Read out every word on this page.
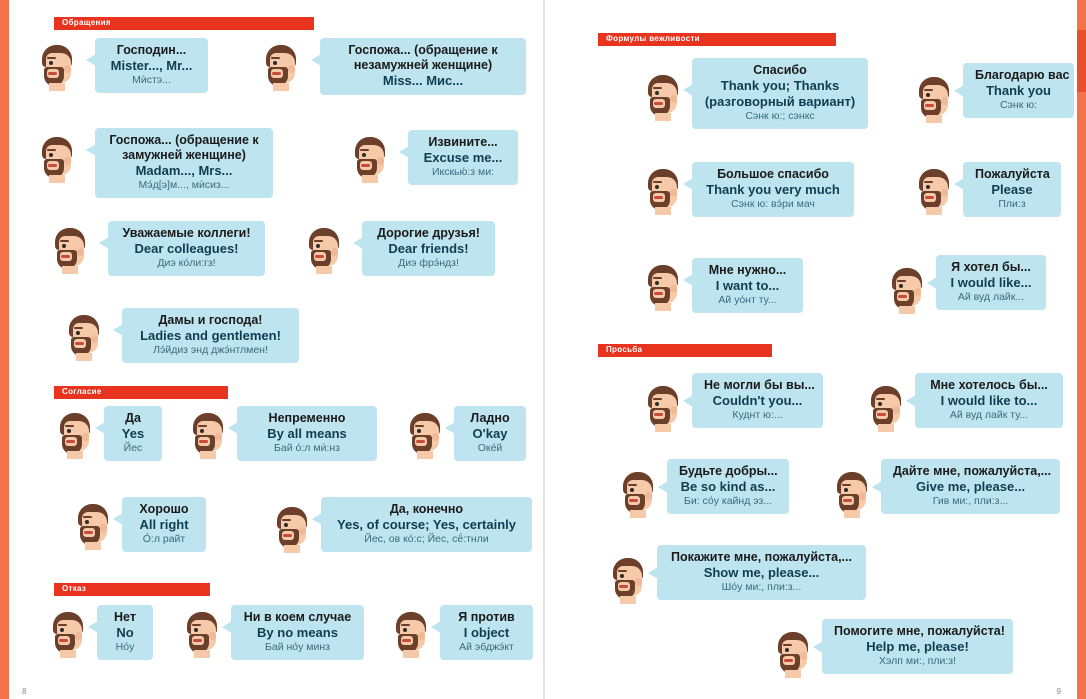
Обращения
Господин...
Mister..., Mr...
Мѝстэ...
Госпожа... (обращение к незамужней женщине)
Miss... Мис...
Госпожа... (обращение к замужней женщине)
Madam..., Mrs...
Мэ́д[э]м..., мѝсиз...
Извините...
Excuse me...
Икскью́:з ми:
Уважаемые коллеги!
Dear colleagues!
Диэ ко́ли:гз!
Дорогие друзья!
Dear friends!
Диэ фрэ́ндз!
Дамы и господа!
Ladies and gentlemen!
Лэ́йдиз энд джэ́нтлмен!
Согласие
Да
Yes
Йес
Непременно
By all means
Бай о́:л ми́:нз
Ладно
O'kay
Оке́й
Хорошо
All right
О́:л райт
Да, конечно
Yes, of course; Yes, certainly
Йес, ов ко́:с; Йес, сё́:тнли
Отказ
Нет
No
Но́у
Ни в коем случае
By no means
Бай но́у минз
Я против
I object
Ай эбджэ́кт
8
Формулы вежливости
Спасибо
Thank you; Thanks (разговорный вариант)
Сэнк ю:; сэнкс
Благодарю вас
Thank you
Сэнк ю:
Большое спасибо
Thank you very much
Сэнк ю: вэ́ри мач
Пожалуйста
Please
Пли:з
Мне нужно...
I want to...
Ай уо́нт ту...
Я хотел бы...
I would like...
Ай вуд лайк...
Просьба
Не могли бы вы...
Couldn't you...
Куднт ю:...
Мне хотелось бы...
I would like to...
Ай вуд лайк ту...
Будьте добры...
Be so kind as...
Би: со́у кайнд эз...
Дайте мне, пожалуйста,...
Give me, please...
Гив ми:, пли:з...
Покажите мне, пожалуйста,...
Show me, please...
Шо́у ми:, пли:з...
Помогите мне, пожалуйста!
Help me, please!
Хэлп ми:, пли:з!
9
